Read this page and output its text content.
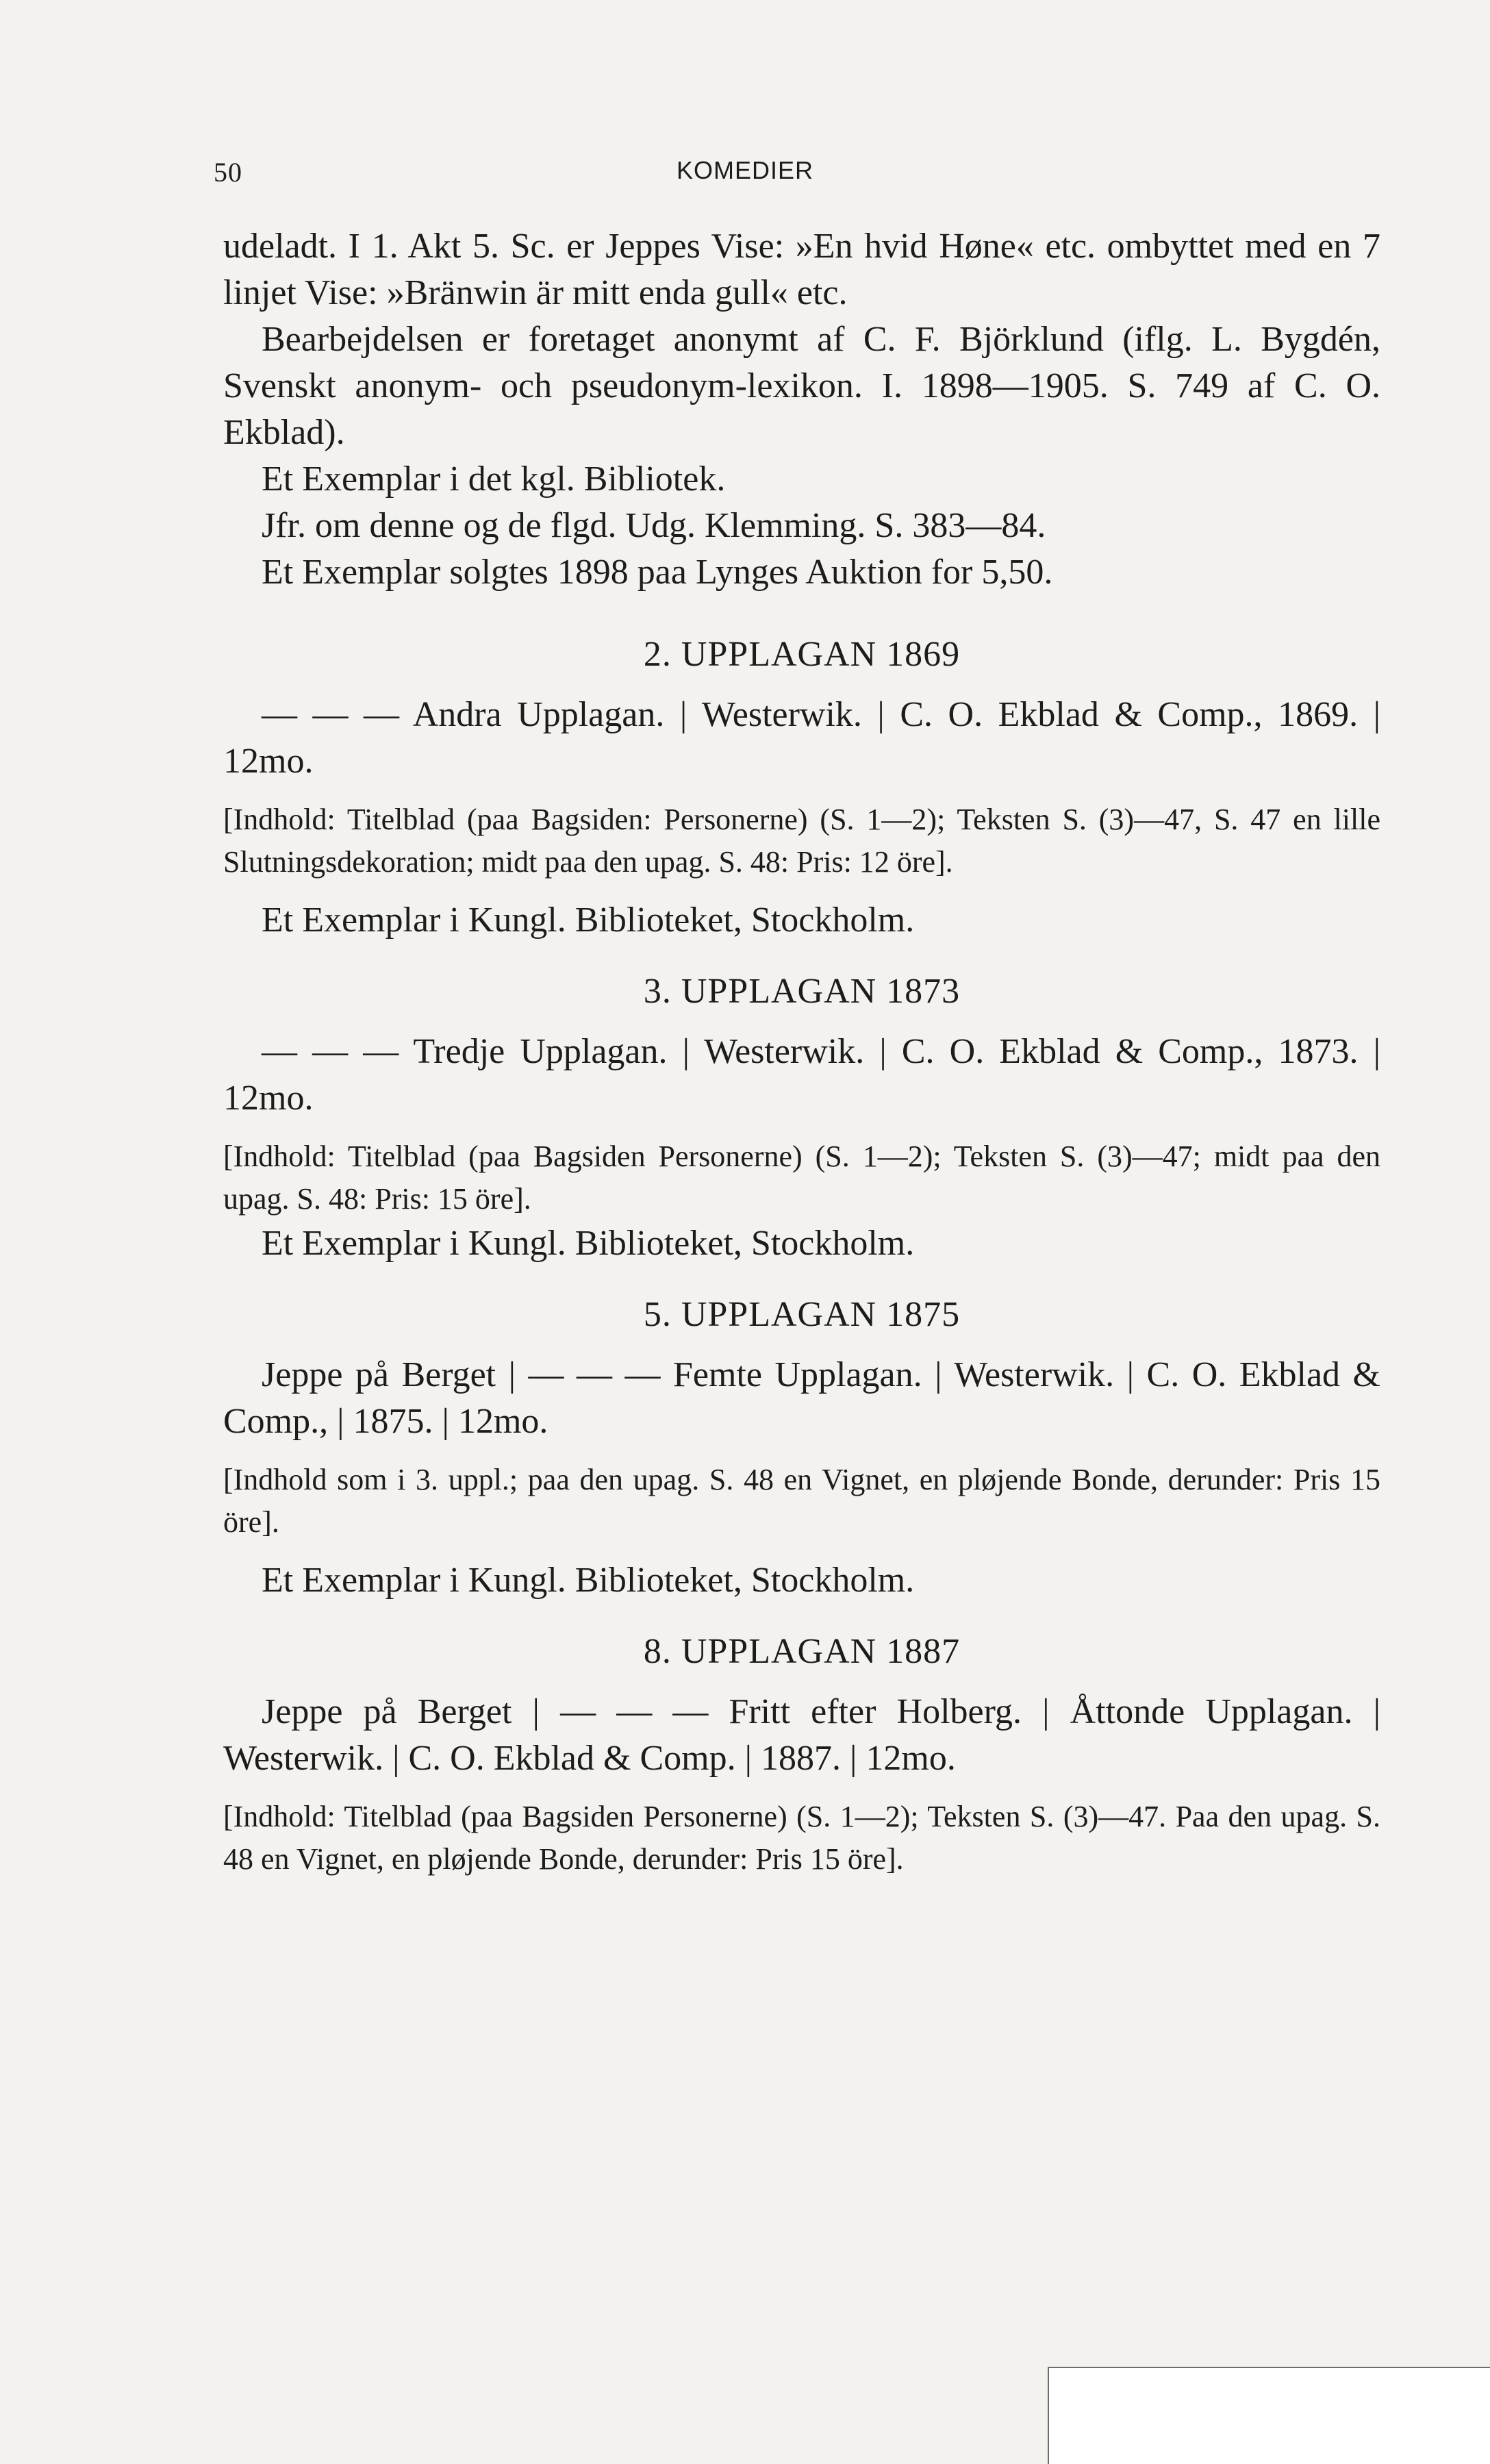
50	KOMEDIER

udeladt. I 1. Akt 5. Sc. er Jeppes Vise: »En hvid Høne« etc. ombyttet med en 7 linjet Vise: »Bränwin är mitt enda gull« etc.

Bearbejdelsen er foretaget anonymt af C. F. Björklund (iflg. L. Bygdén, Svenskt anonym- och pseudonym-lexikon. I. 1898—1905. S. 749 af C. O. Ekblad).

Et Exemplar i det kgl. Bibliotek.

Jfr. om denne og de flgd. Udg. Klemming. S. 383—84.

Et Exemplar solgtes 1898 paa Lynges Auktion for 5,50.

2. UPPLAGAN 1869

— — — Andra Upplagan. | Westerwik. | C. O. Ekblad & Comp., 1869. | 12mo.

[Indhold: Titelblad (paa Bagsiden: Personerne) (S. 1—2); Teksten S. (3)—47, S. 47 en lille Slutningsdekoration; midt paa den upag. S. 48: Pris: 12 öre].

Et Exemplar i Kungl. Biblioteket, Stockholm.

3. UPPLAGAN 1873

— — — Tredje Upplagan. | Westerwik. | C. O. Ekblad & Comp., 1873. | 12mo.

[Indhold: Titelblad (paa Bagsiden Personerne) (S. 1—2); Teksten S. (3)—47; midt paa den upag. S. 48: Pris: 15 öre].

Et Exemplar i Kungl. Biblioteket, Stockholm.

5. UPPLAGAN 1875

Jeppe på Berget | — — — Femte Upplagan. | Westerwik. | C. O. Ekblad & Comp., | 1875. | 12mo.

[Indhold som i 3. uppl.; paa den upag. S. 48 en Vignet, en pløjende Bonde, derunder: Pris 15 öre].

Et Exemplar i Kungl. Biblioteket, Stockholm.

8. UPPLAGAN 1887

Jeppe på Berget | — — — Fritt efter Holberg. | Åttonde Upplagan. | Westerwik. | C. O. Ekblad & Comp. | 1887. | 12mo.

[Indhold: Titelblad (paa Bagsiden Personerne) (S. 1—2); Teksten S. (3)—47. Paa den upag. S. 48 en Vignet, en pløjende Bonde, derunder: Pris 15 öre].
